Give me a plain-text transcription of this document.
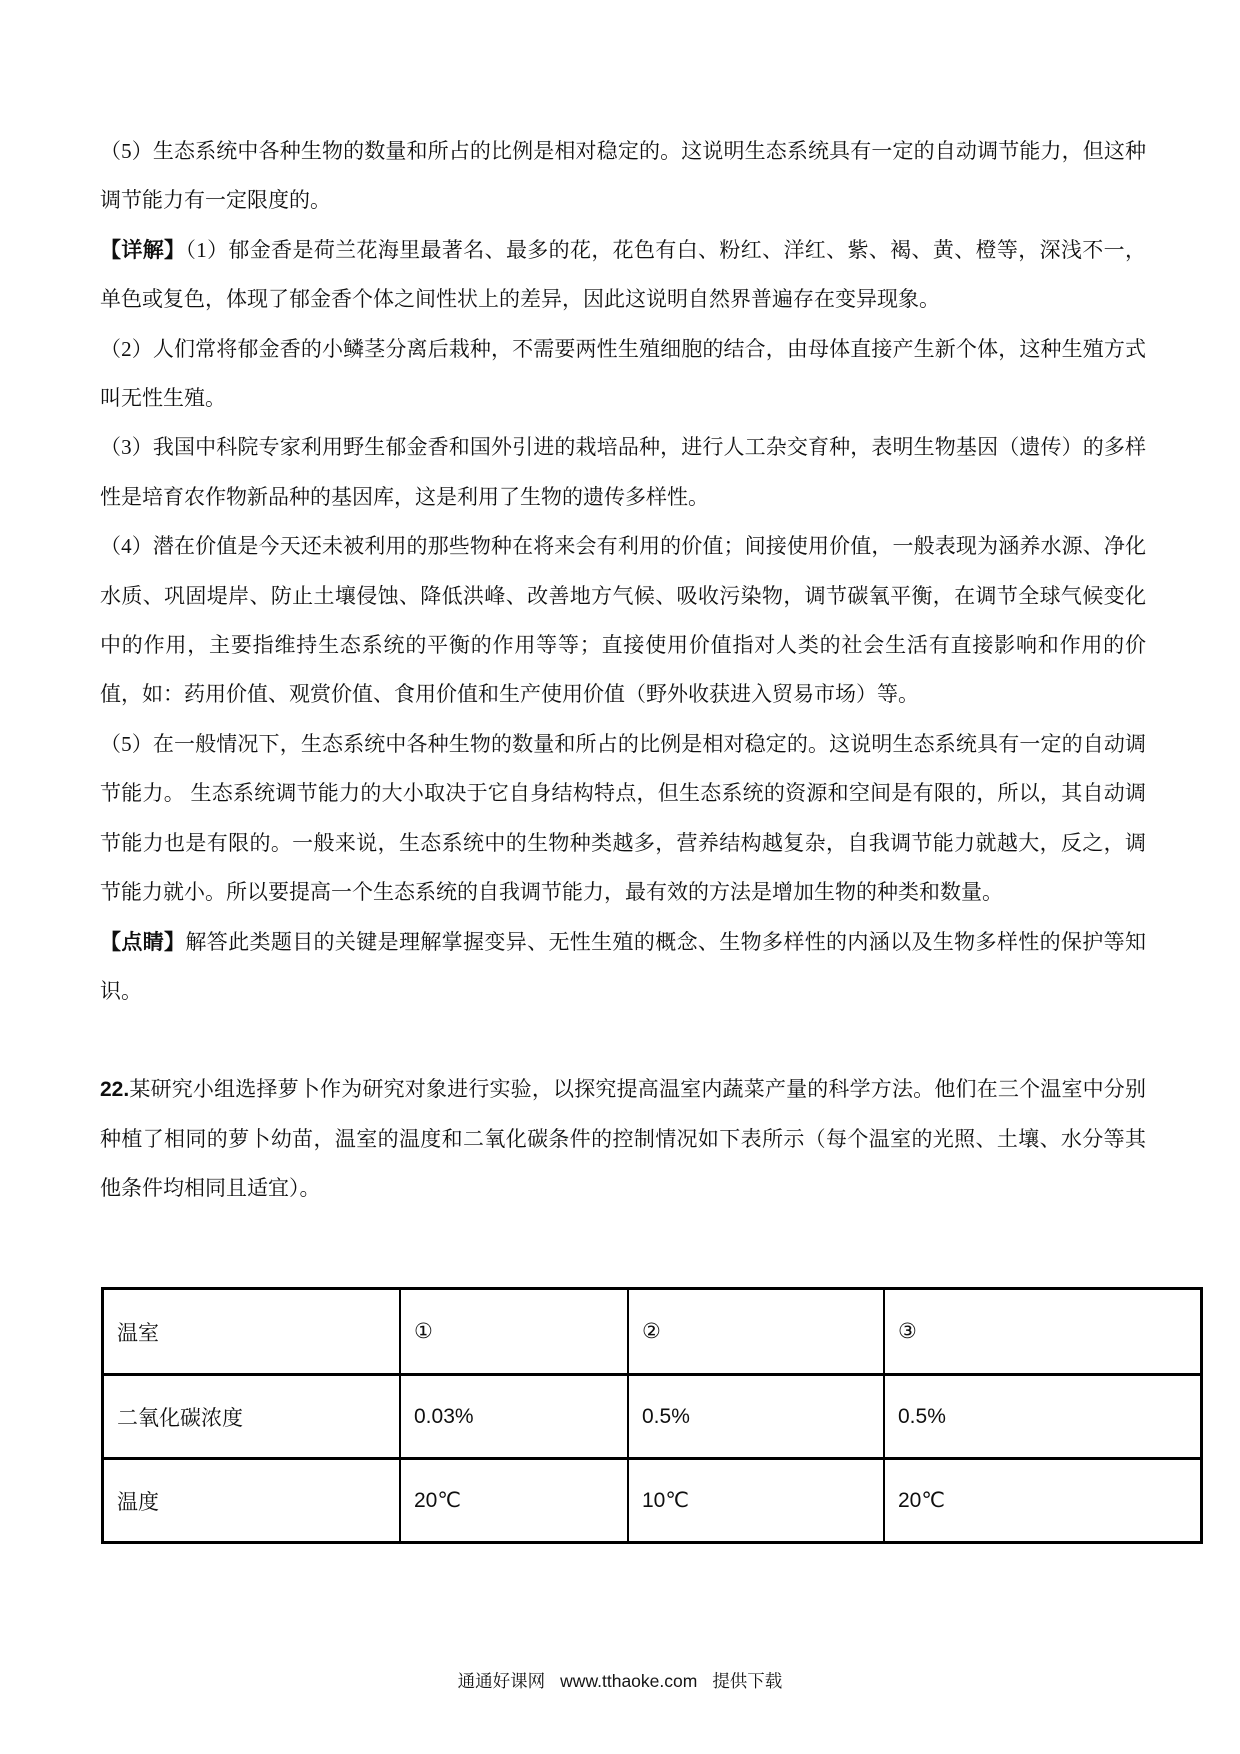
（5）生态系统中各种生物的数量和所占的比例是相对稳定的。这说明生态系统具有一定的自动调节能力，但这种调节能力有一定限度的。

【详解】（1）郁金香是荷兰花海里最著名、最多的花，花色有白、粉红、洋红、紫、褐、黄、橙等，深浅不一，单色或复色，体现了郁金香个体之间性状上的差异，因此这说明自然界普遍存在变异现象。

（2）人们常将郁金香的小鳞茎分离后栽种，不需要两性生殖细胞的结合，由母体直接产生新个体，这种生殖方式叫无性生殖。

（3）我国中科院专家利用野生郁金香和国外引进的栽培品种，进行人工杂交育种，表明生物基因（遗传）的多样性是培育农作物新品种的基因库，这是利用了生物的遗传多样性。

（4）潜在价值是今天还未被利用的那些物种在将来会有利用的价值；间接使用价值，一般表现为涵养水源、净化水质、巩固堤岸、防止土壤侵蚀、降低洪峰、改善地方气候、吸收污染物，调节碳氧平衡，在调节全球气候变化中的作用，主要指维持生态系统的平衡的作用等等；直接使用价值指对人类的社会生活有直接影响和作用的价值，如：药用价值、观赏价值、食用价值和生产使用价值（野外收获进入贸易市场）等。

（5）在一般情况下，生态系统中各种生物的数量和所占的比例是相对稳定的。这说明生态系统具有一定的自动调节能力。 生态系统调节能力的大小取决于它自身结构特点，但生态系统的资源和空间是有限的，所以，其自动调节能力也是有限的。一般来说，生态系统中的生物种类越多，营养结构越复杂，自我调节能力就越大，反之，调节能力就小。所以要提高一个生态系统的自我调节能力，最有效的方法是增加生物的种类和数量。

【点睛】解答此类题目的关键是理解掌握变异、无性生殖的概念、生物多样性的内涵以及生物多样性的保护等知识。

22.某研究小组选择萝卜作为研究对象进行实验，以探究提高温室内蔬菜产量的科学方法。他们在三个温室中分别种植了相同的萝卜幼苗，温室的温度和二氧化碳条件的控制情况如下表所示（每个温室的光照、土壤、水分等其他条件均相同且适宜）。

温室	①	②	③
二氧化碳浓度	0.03%	0.5%	0.5%
温度	20℃	10℃	20℃
通通好课网 www.tthaoke.com 提供下载
